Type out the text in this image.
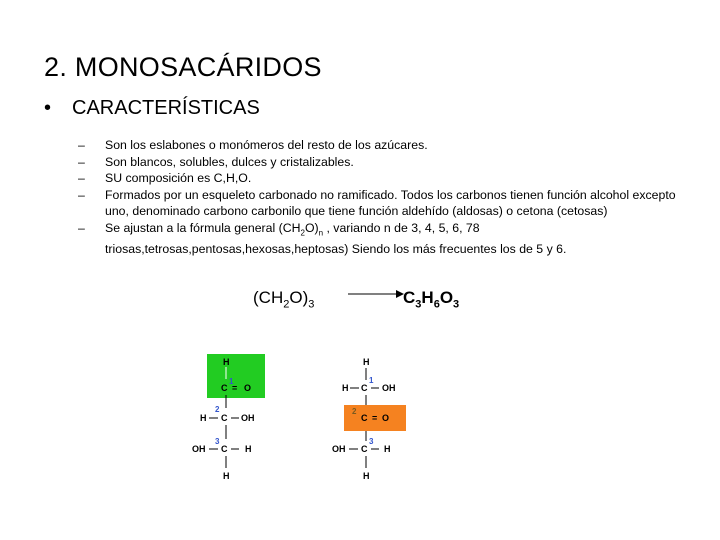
2. MONOSACÁRIDOS
• CARACTERÍSTICAS
–	Son los eslabones o monómeros del resto de los azúcares.
–	Son blancos, solubles, dulces y cristalizables.
–	SU composición es C,H,O.
–	Formados por un esqueleto carbonado no ramificado. Todos los carbonos tienen función alcohol excepto uno, denominado carbono carbonilo que tiene función aldehído (aldosas) o cetona (cetosas)
–	Se ajustan a la fórmula general $(CH_2O)_n$ , variando n de 3, 4, 5, 6, 78 triosas,tetrosas,pentosas,hexosas,heptosas) Siendo los más frecuentes los de 5 y 6.
$(CH_2O)_3$	$C_3H_6O_3$
H
C = O
1
2
H C OH
3
OH C H
H
H
1
H C OH
2
C = O
3
OH C H
H
